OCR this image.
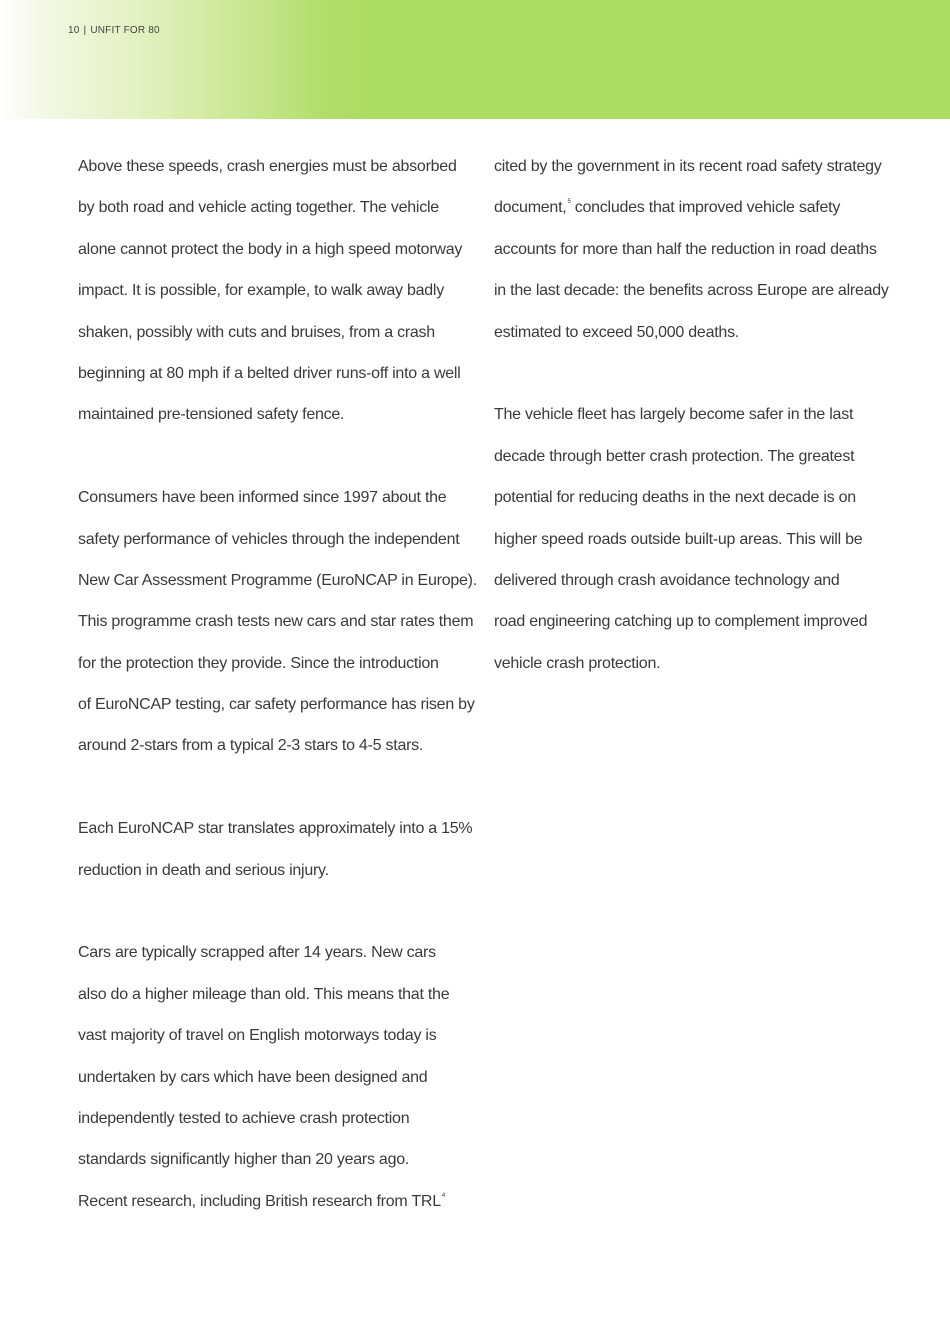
10 | UNFIT FOR 80
Above these speeds, crash energies must be absorbed
by both road and vehicle acting together. The vehicle
alone cannot protect the body in a high speed motorway
impact. It is possible, for example, to walk away badly
shaken, possibly with cuts and bruises, from a crash
beginning at 80 mph if a belted driver runs-off into a well
maintained pre-tensioned safety fence.
Consumers have been informed since 1997 about the
safety performance of vehicles through the independent
New Car Assessment Programme (EuroNCAP in Europe).
This programme crash tests new cars and star rates them
for the protection they provide. Since the introduction
of EuroNCAP testing, car safety performance has risen by
around 2-stars from a typical 2-3 stars to 4-5 stars.
Each EuroNCAP star translates approximately into a 15%
reduction in death and serious injury.
Cars are typically scrapped after 14 years. New cars
also do a higher mileage than old. This means that the
vast majority of travel on English motorways today is
undertaken by cars which have been designed and
independently tested to achieve crash protection
standards significantly higher than 20 years ago.
Recent research, including British research from TRL$^4$
cited by the government in its recent road safety strategy
document,$^5$ concludes that improved vehicle safety
accounts for more than half the reduction in road deaths
in the last decade: the benefits across Europe are already
estimated to exceed 50,000 deaths.
The vehicle fleet has largely become safer in the last
decade through better crash protection. The greatest
potential for reducing deaths in the next decade is on
higher speed roads outside built-up areas. This will be
delivered through crash avoidance technology and
road engineering catching up to complement improved
vehicle crash protection.
